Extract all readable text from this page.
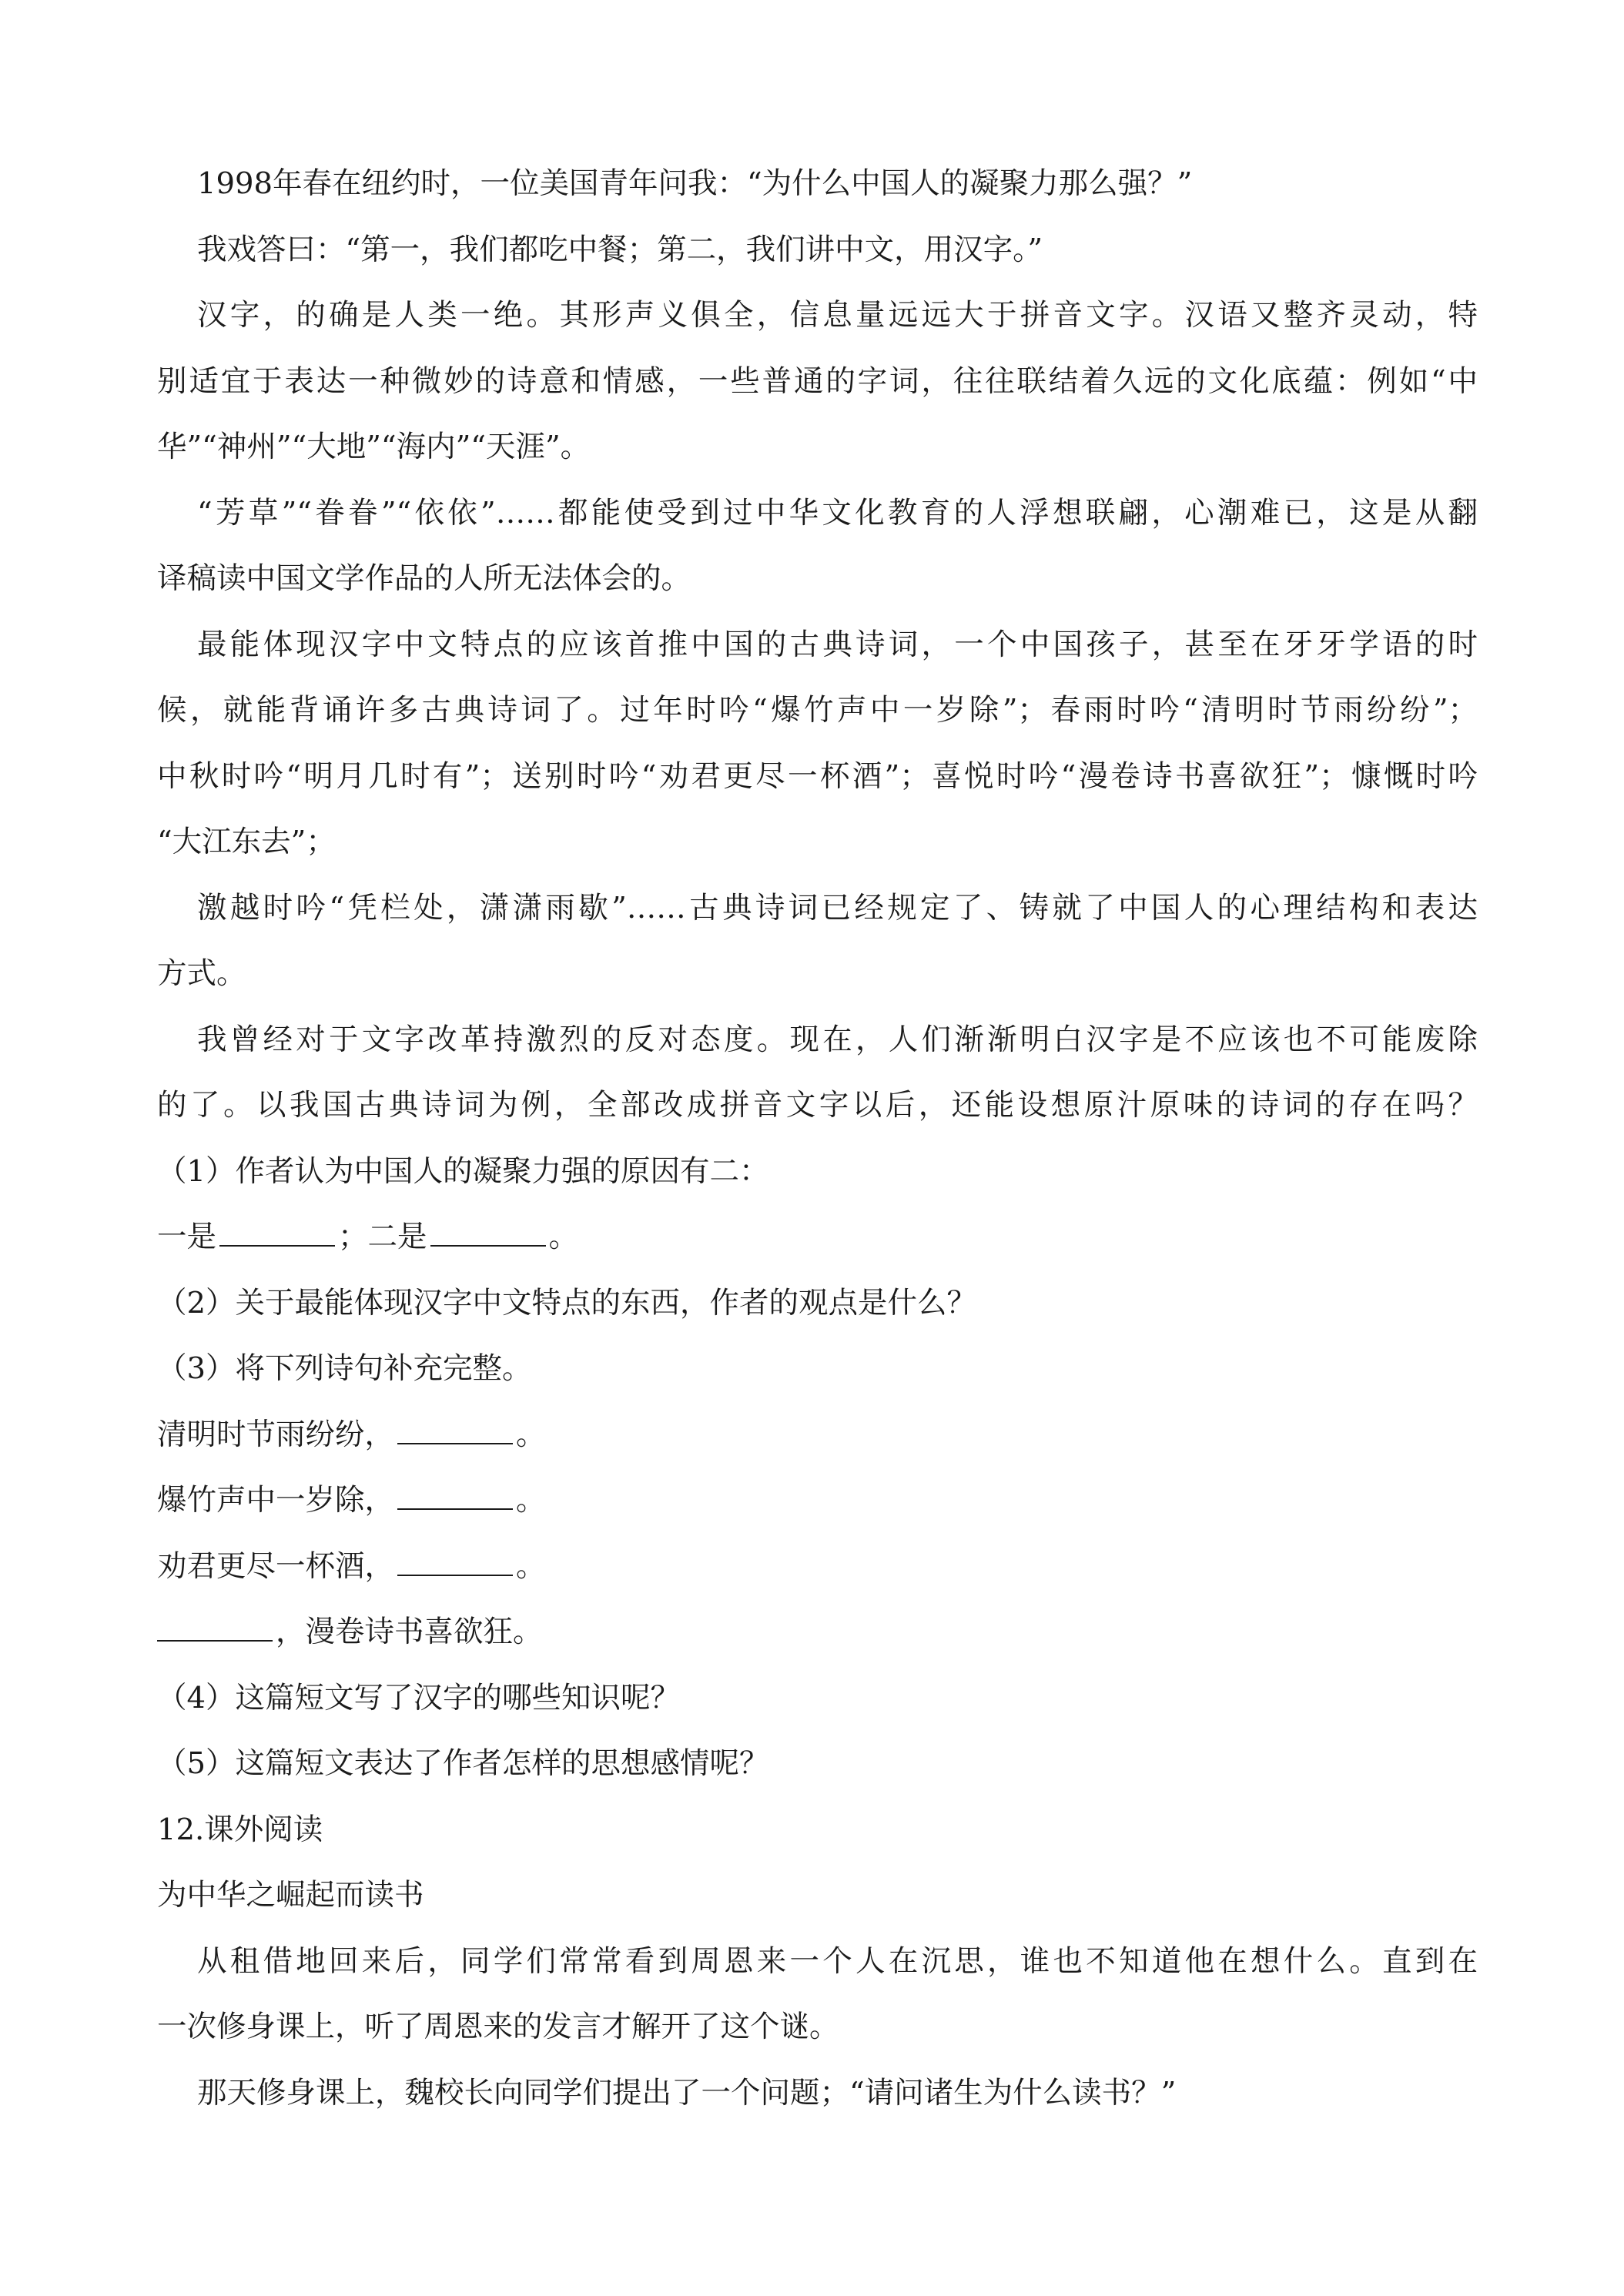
1998年春在纽约时，一位美国青年问我：“为什么中国人的凝聚力那么强？”

我戏答曰：“第一，我们都吃中餐；第二，我们讲中文，用汉字。”

汉字，的确是人类一绝。其形声义俱全，信息量远远大于拼音文字。汉语又整齐灵动，特

别适宜于表达一种微妙的诗意和情感，一些普通的字词，往往联结着久远的文化底蕴：例如“中

华”“神州”“大地”“海内”“天涯”。

“芳草”“眷眷”“依依”……都能使受到过中华文化教育的人浮想联翩，心潮难已，这是从翻

译稿读中国文学作品的人所无法体会的。

最能体现汉字中文特点的应该首推中国的古典诗词，一个中国孩子，甚至在牙牙学语的时

候，就能背诵许多古典诗词了。过年时吟“爆竹声中一岁除”；春雨时吟“清明时节雨纷纷”；

中秋时吟“明月几时有”；送别时吟“劝君更尽一杯酒”；喜悦时吟“漫卷诗书喜欲狂”；慷慨时吟

“大江东去”；

激越时吟“凭栏处，潇潇雨歇”……古典诗词已经规定了、铸就了中国人的心理结构和表达

方式。

我曾经对于文字改革持激烈的反对态度。现在，人们渐渐明白汉字是不应该也不可能废除

的了。以我国古典诗词为例，全部改成拼音文字以后，还能设想原汁原味的诗词的存在吗？

（1）作者认为中国人的凝聚力强的原因有二：

一是	；二是	。

（2）关于最能体现汉字中文特点的东西，作者的观点是什么？

（3）将下列诗句补充完整。

清明时节雨纷纷，	。

爆竹声中一岁除，	。

劝君更尽一杯酒，	。

，漫卷诗书喜欲狂。

（4）这篇短文写了汉字的哪些知识呢？

（5）这篇短文表达了作者怎样的思想感情呢？

12.课外阅读

为中华之崛起而读书

从租借地回来后，同学们常常看到周恩来一个人在沉思，谁也不知道他在想什么。直到在

一次修身课上，听了周恩来的发言才解开了这个谜。

那天修身课上，魏校长向同学们提出了一个问题；“请问诸生为什么读书？”
